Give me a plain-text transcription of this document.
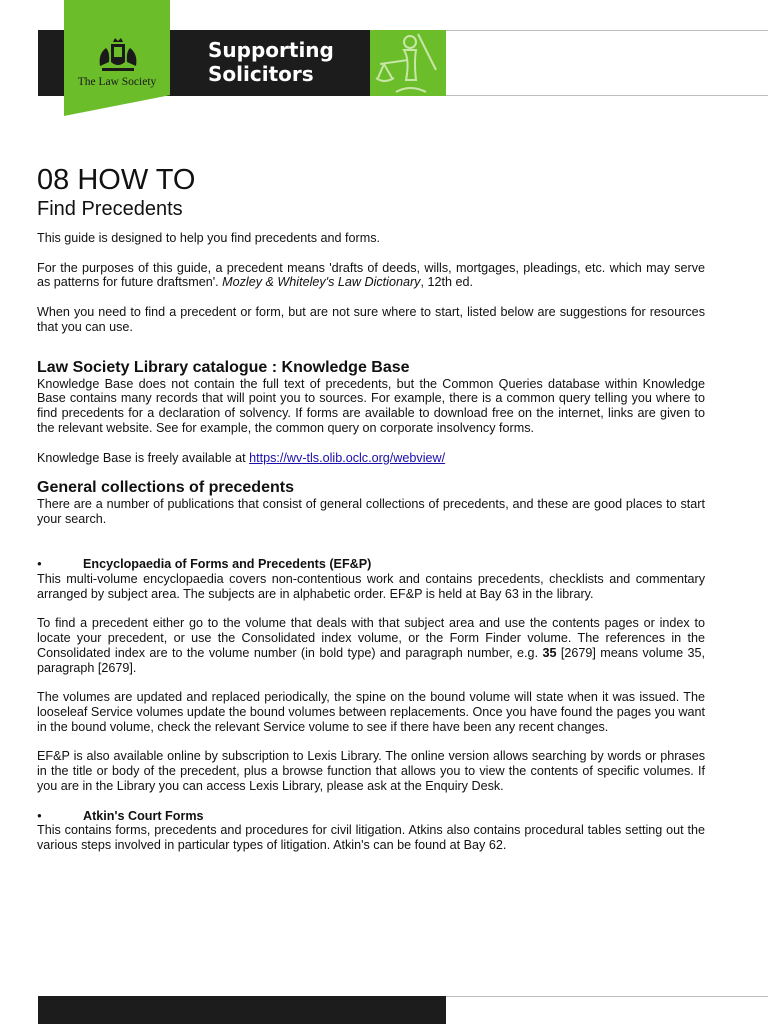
The Law Society
Supporting
Solicitors
08 HOW TO
Find Precedents

This guide is designed to help you find precedents and forms.

For the purposes of this guide, a precedent means 'drafts of deeds, wills, mortgages, pleadings, etc. which may serve as patterns for future draftsmen'. Mozley & Whiteley's Law Dictionary, 12th ed.

When you need to find a precedent or form, but are not sure where to start, listed below are suggestions for resources that you can use.

Law Society Library catalogue : Knowledge Base

Knowledge Base does not contain the full text of precedents, but the Common Queries database within Knowledge Base contains many records that will point you to sources. For example, there is a common query telling you where to find precedents for a declaration of solvency. If forms are available to download free on the internet, links are given to the relevant website. See for example, the common query on corporate insolvency forms.

Knowledge Base is freely available at https://wv-tls.olib.oclc.org/webview/

General collections of precedents

There are a number of publications that consist of general collections of precedents, and these are good places to start your search.

●	Encyclopaedia of Forms and Precedents (EF&P)

This multi-volume encyclopaedia covers non-contentious work and contains precedents, checklists and commentary arranged by subject area. The subjects are in alphabetic order. EF&P is held at Bay 63 in the library.

To find a precedent either go to the volume that deals with that subject area and use the contents pages or index to locate your precedent, or use the Consolidated index volume, or the Form Finder volume. The references in the Consolidated index are to the volume number (in bold type) and paragraph number, e.g. 35 [2679] means volume 35, paragraph [2679].

The volumes are updated and replaced periodically, the spine on the bound volume will state when it was issued. The looseleaf Service volumes update the bound volumes between replacements. Once you have found the pages you want in the bound volume, check the relevant Service volume to see if there have been any recent changes.

EF&P is also available online by subscription to Lexis Library. The online version allows searching by words or phrases in the title or body of the precedent, plus a browse function that allows you to view the contents of specific volumes. If you are in the Library you can access Lexis Library, please ask at the Enquiry Desk.

●	Atkin's Court Forms

This contains forms, precedents and procedures for civil litigation. Atkins also contains procedural tables setting out the various steps involved in particular types of litigation. Atkin's can be found at Bay 62.
